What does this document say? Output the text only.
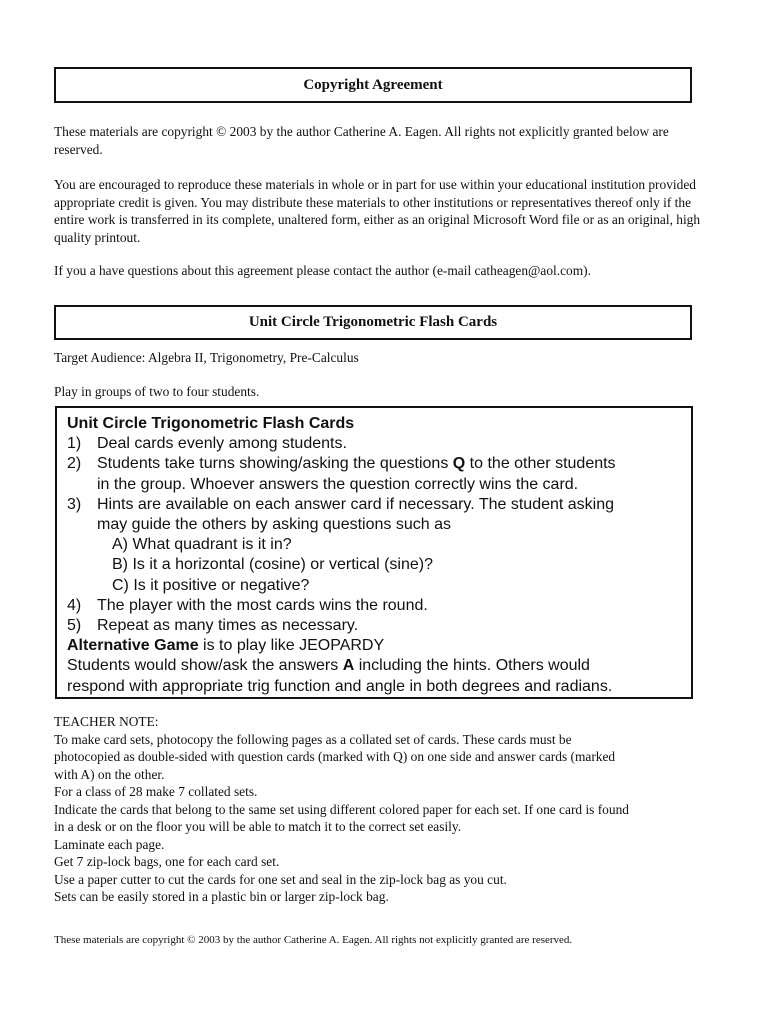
Copyright Agreement

These materials are copyright © 2003 by the author Catherine A. Eagen. All rights not explicitly granted below are reserved.

You are encouraged to reproduce these materials in whole or in part for use within your educational institution provided appropriate credit is given. You may distribute these materials to other institutions or representatives thereof only if the entire work is transferred in its complete, unaltered form, either as an original Microsoft Word file or as an original, high quality printout.

If you a have questions about this agreement please contact the author (e-mail catheagen@aol.com).

Unit Circle Trigonometric Flash Cards

Target Audience: Algebra II, Trigonometry, Pre-Calculus

Play in groups of two to four students.

Unit Circle Trigonometric Flash Cards
1) Deal cards evenly among students.
2) Students take turns showing/asking the questions Q to the other students
in the group. Whoever answers the question correctly wins the card.
3) Hints are available on each answer card if necessary. The student asking
may guide the others by asking questions such as
A) What quadrant is it in?
B) Is it a horizontal (cosine) or vertical (sine)?
C) Is it positive or negative?
4) The player with the most cards wins the round.
5) Repeat as many times as necessary.
Alternative Game is to play like JEOPARDY
Students would show/ask the answers A including the hints. Others would
respond with appropriate trig function and angle in both degrees and radians.
TEACHER NOTE:
To make card sets, photocopy the following pages as a collated set of cards. These cards must be
photocopied as double-sided with question cards (marked with Q) on one side and answer cards (marked
with A) on the other.
For a class of 28 make 7 collated sets.
Indicate the cards that belong to the same set using different colored paper for each set. If one card is found
in a desk or on the floor you will be able to match it to the correct set easily.
Laminate each page.
Get 7 zip-lock bags, one for each card set.
Use a paper cutter to cut the cards for one set and seal in the zip-lock bag as you cut.
Sets can be easily stored in a plastic bin or larger zip-lock bag.
These materials are copyright © 2003 by the author Catherine A. Eagen. All rights not explicitly granted are reserved.
